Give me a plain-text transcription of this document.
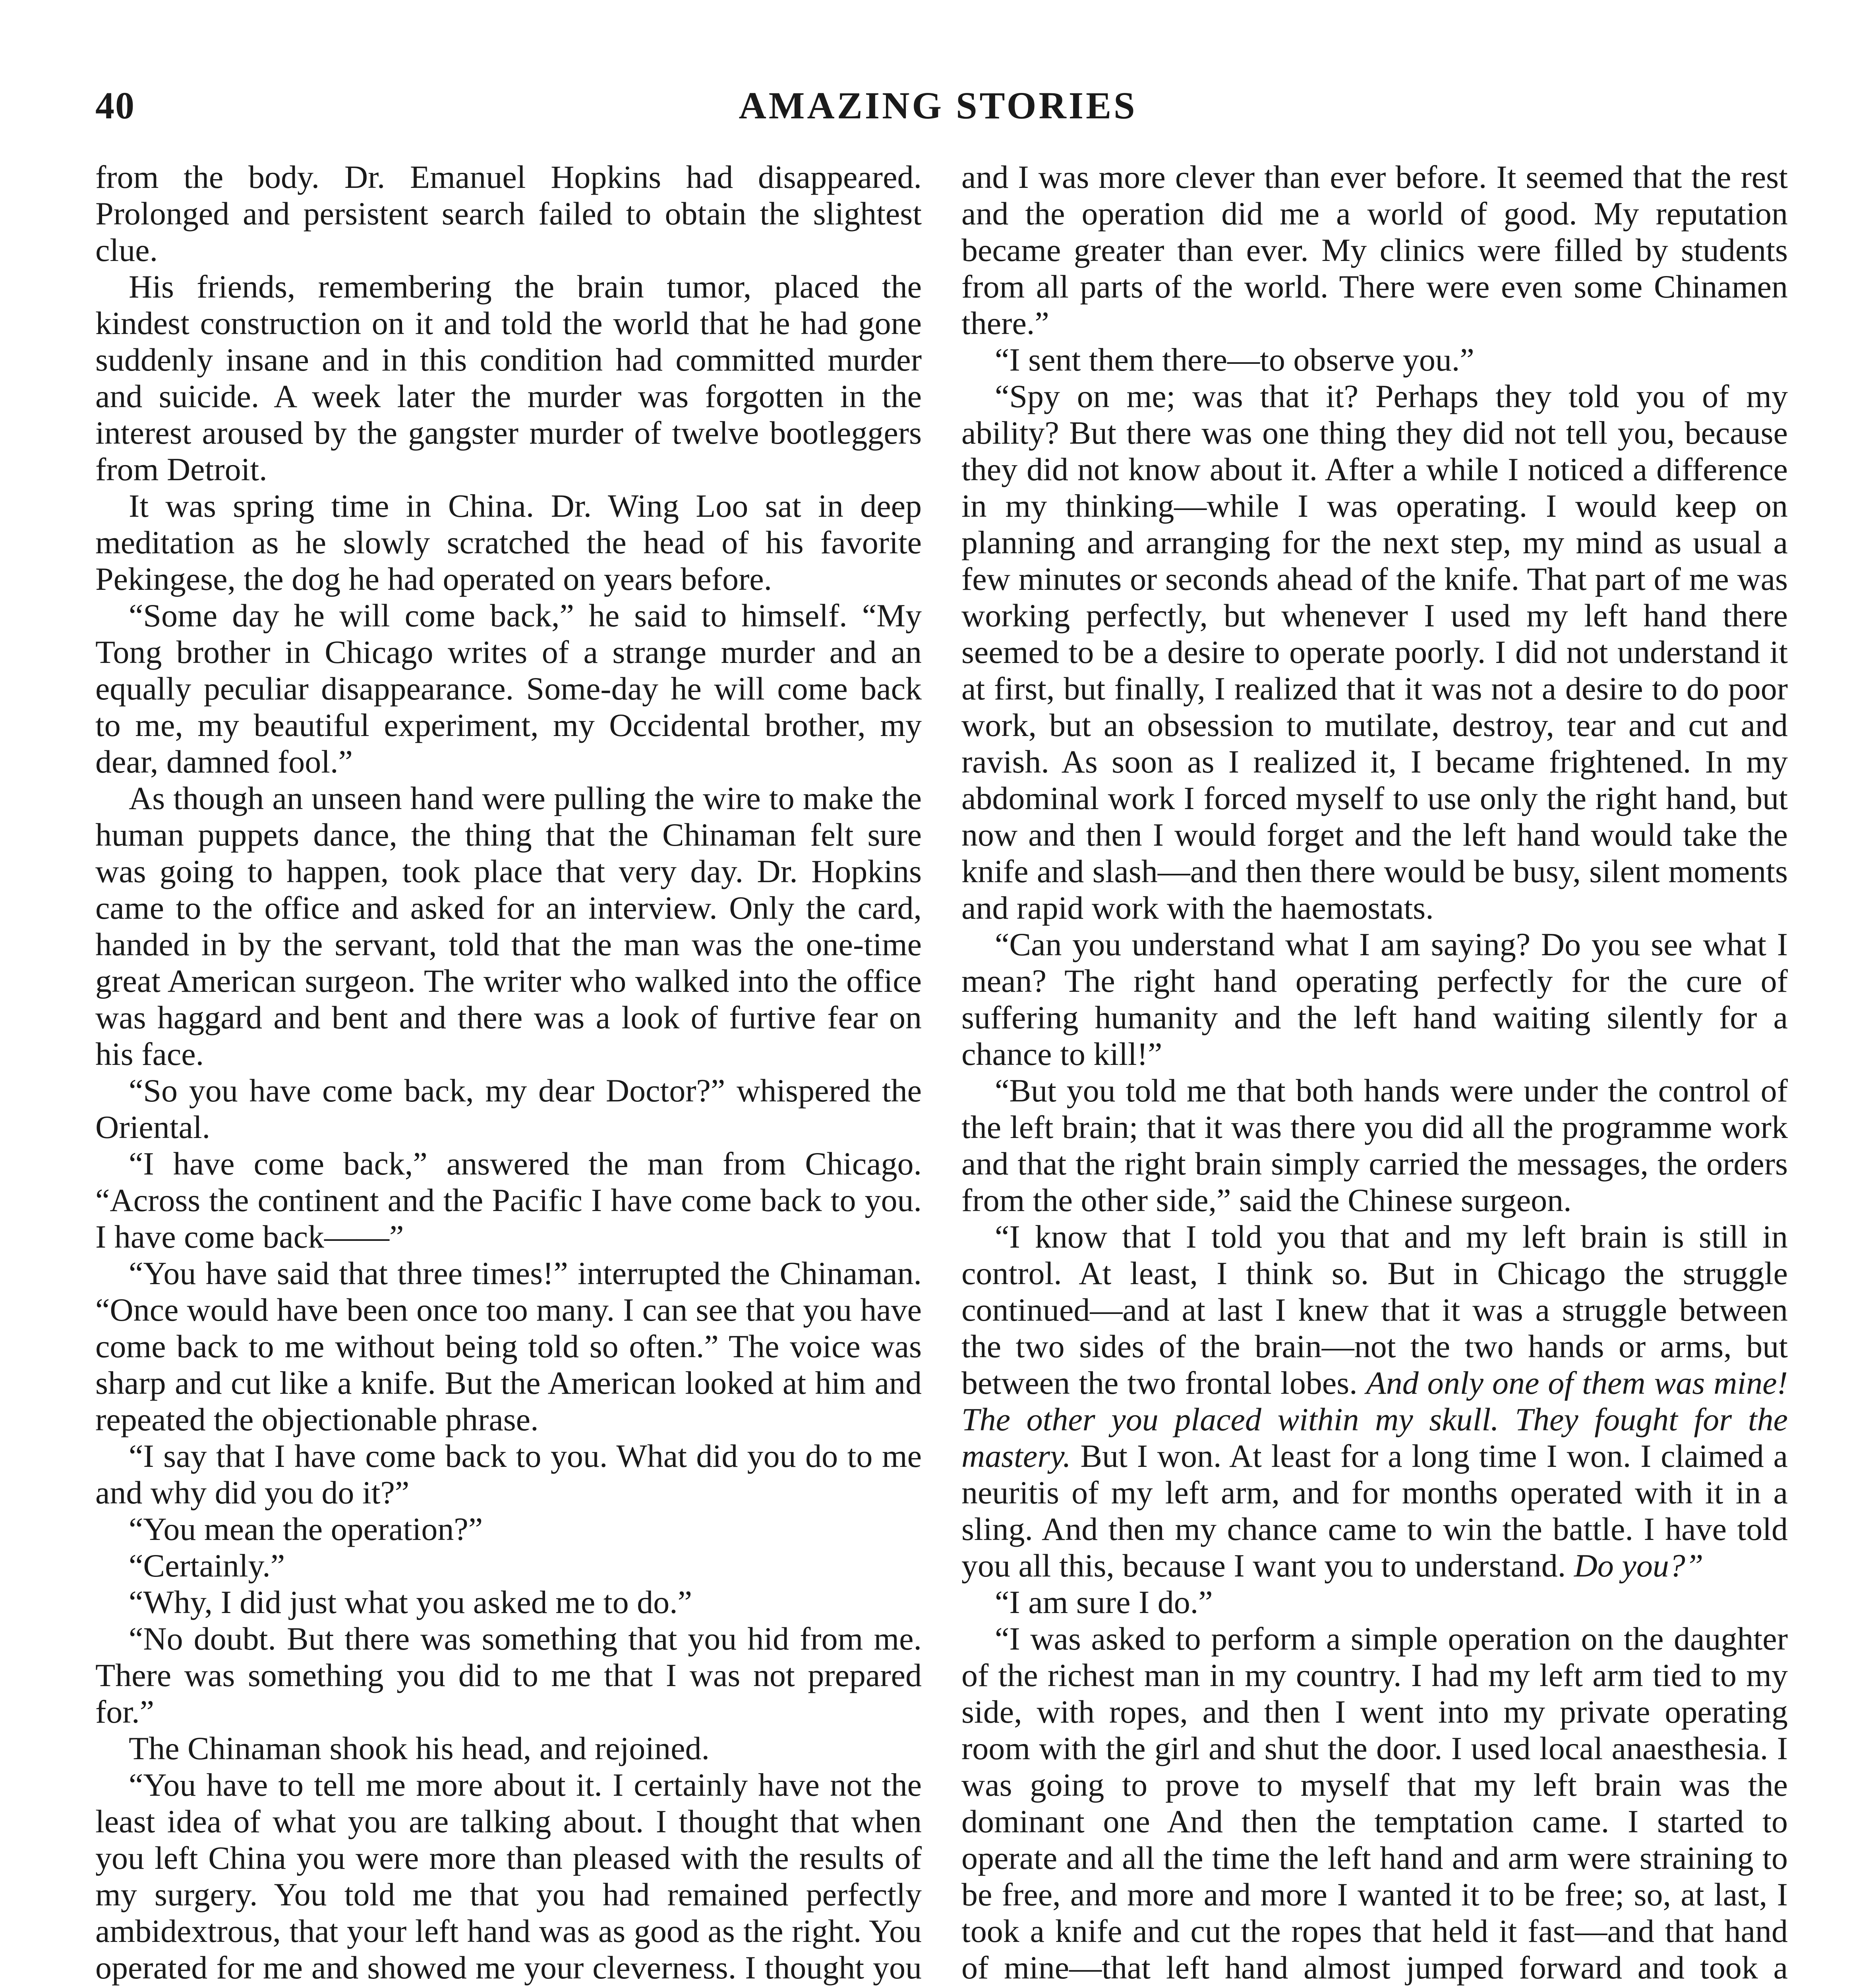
40	AMAZING STORIES

from the body. Dr. Emanuel Hopkins had disappeared. Prolonged and persistent search failed to obtain the slightest clue.

His friends, remembering the brain tumor, placed the kindest construction on it and told the world that he had gone suddenly insane and in this condition had committed murder and suicide. A week later the murder was forgotten in the interest aroused by the gangster murder of twelve bootleggers from Detroit.

It was spring time in China. Dr. Wing Loo sat in deep meditation as he slowly scratched the head of his favorite Pekingese, the dog he had operated on years before.

“Some day he will come back,” he said to himself. “My Tong brother in Chicago writes of a strange murder and an equally peculiar disappearance. Some-day he will come back to me, my beautiful experiment, my Occidental brother, my dear, damned fool.”

As though an unseen hand were pulling the wire to make the human puppets dance, the thing that the Chinaman felt sure was going to happen, took place that very day. Dr. Hopkins came to the office and asked for an interview. Only the card, handed in by the servant, told that the man was the one-time great American surgeon. The writer who walked into the office was haggard and bent and there was a look of furtive fear on his face.

“So you have come back, my dear Doctor?” whispered the Oriental.

“I have come back,” answered the man from Chicago. “Across the continent and the Pacific I have come back to you. I have come back——”

“You have said that three times!” interrupted the Chinaman. “Once would have been once too many. I can see that you have come back to me without being told so often.” The voice was sharp and cut like a knife. But the American looked at him and repeated the objectionable phrase.

“I say that I have come back to you. What did you do to me and why did you do it?”

“You mean the operation?”

“Certainly.”

“Why, I did just what you asked me to do.”

“No doubt. But there was something that you hid from me. There was something you did to me that I was not prepared for.”

The Chinaman shook his head, and rejoined.

“You have to tell me more about it. I certainly have not the least idea of what you are talking about. I thought that when you left China you were more than pleased with the results of my surgery. You told me that you had remained perfectly ambidextrous, that your left hand was as good as the right. You operated for me and showed me your cleverness. I thought you

and I was more clever than ever before. It seemed that the rest and the operation did me a world of good. My reputation became greater than ever. My clinics were filled by students from all parts of the world. There were even some Chinamen there.”

“I sent them there—to observe you.”

“Spy on me; was that it? Perhaps they told you of my ability? But there was one thing they did not tell you, because they did not know about it. After a while I noticed a difference in my thinking—while I was operating. I would keep on planning and arranging for the next step, my mind as usual a few minutes or seconds ahead of the knife. That part of me was working perfectly, but whenever I used my left hand there seemed to be a desire to operate poorly. I did not understand it at first, but finally, I realized that it was not a desire to do poor work, but an obsession to mutilate, destroy, tear and cut and ravish. As soon as I realized it, I became frightened. In my abdominal work I forced myself to use only the right hand, but now and then I would forget and the left hand would take the knife and slash—and then there would be busy, silent moments and rapid work with the haemostats.

“Can you understand what I am saying? Do you see what I mean? The right hand operating perfectly for the cure of suffering humanity and the left hand waiting silently for a chance to kill!”

“But you told me that both hands were under the control of the left brain; that it was there you did all the programme work and that the right brain simply carried the messages, the orders from the other side,” said the Chinese surgeon.

“I know that I told you that and my left brain is still in control. At least, I think so. But in Chicago the struggle continued—and at last I knew that it was a struggle between the two sides of the brain—not the two hands or arms, but between the two frontal lobes. And only one of them was mine! The other you placed within my skull. They fought for the mastery. But I won. At least for a long time I won. I claimed a neuritis of my left arm, and for months operated with it in a sling. And then my chance came to win the battle. I have told you all this, because I want you to understand. Do you?”

“I am sure I do.”

“I was asked to perform a simple operation on the daughter of the richest man in my country. I had my left arm tied to my side, with ropes, and then I went into my private operating room with the girl and shut the door. I used local anaesthesia. I was going to prove to myself that my left brain was the dominant one And then the temptation came. I started to operate and all the time the left hand and arm were straining to be free, and more and more I wanted it to be free; so, at last, I took a knife and cut the ropes that held it fast—and that hand of mine—that left hand almost jumped forward and took a
